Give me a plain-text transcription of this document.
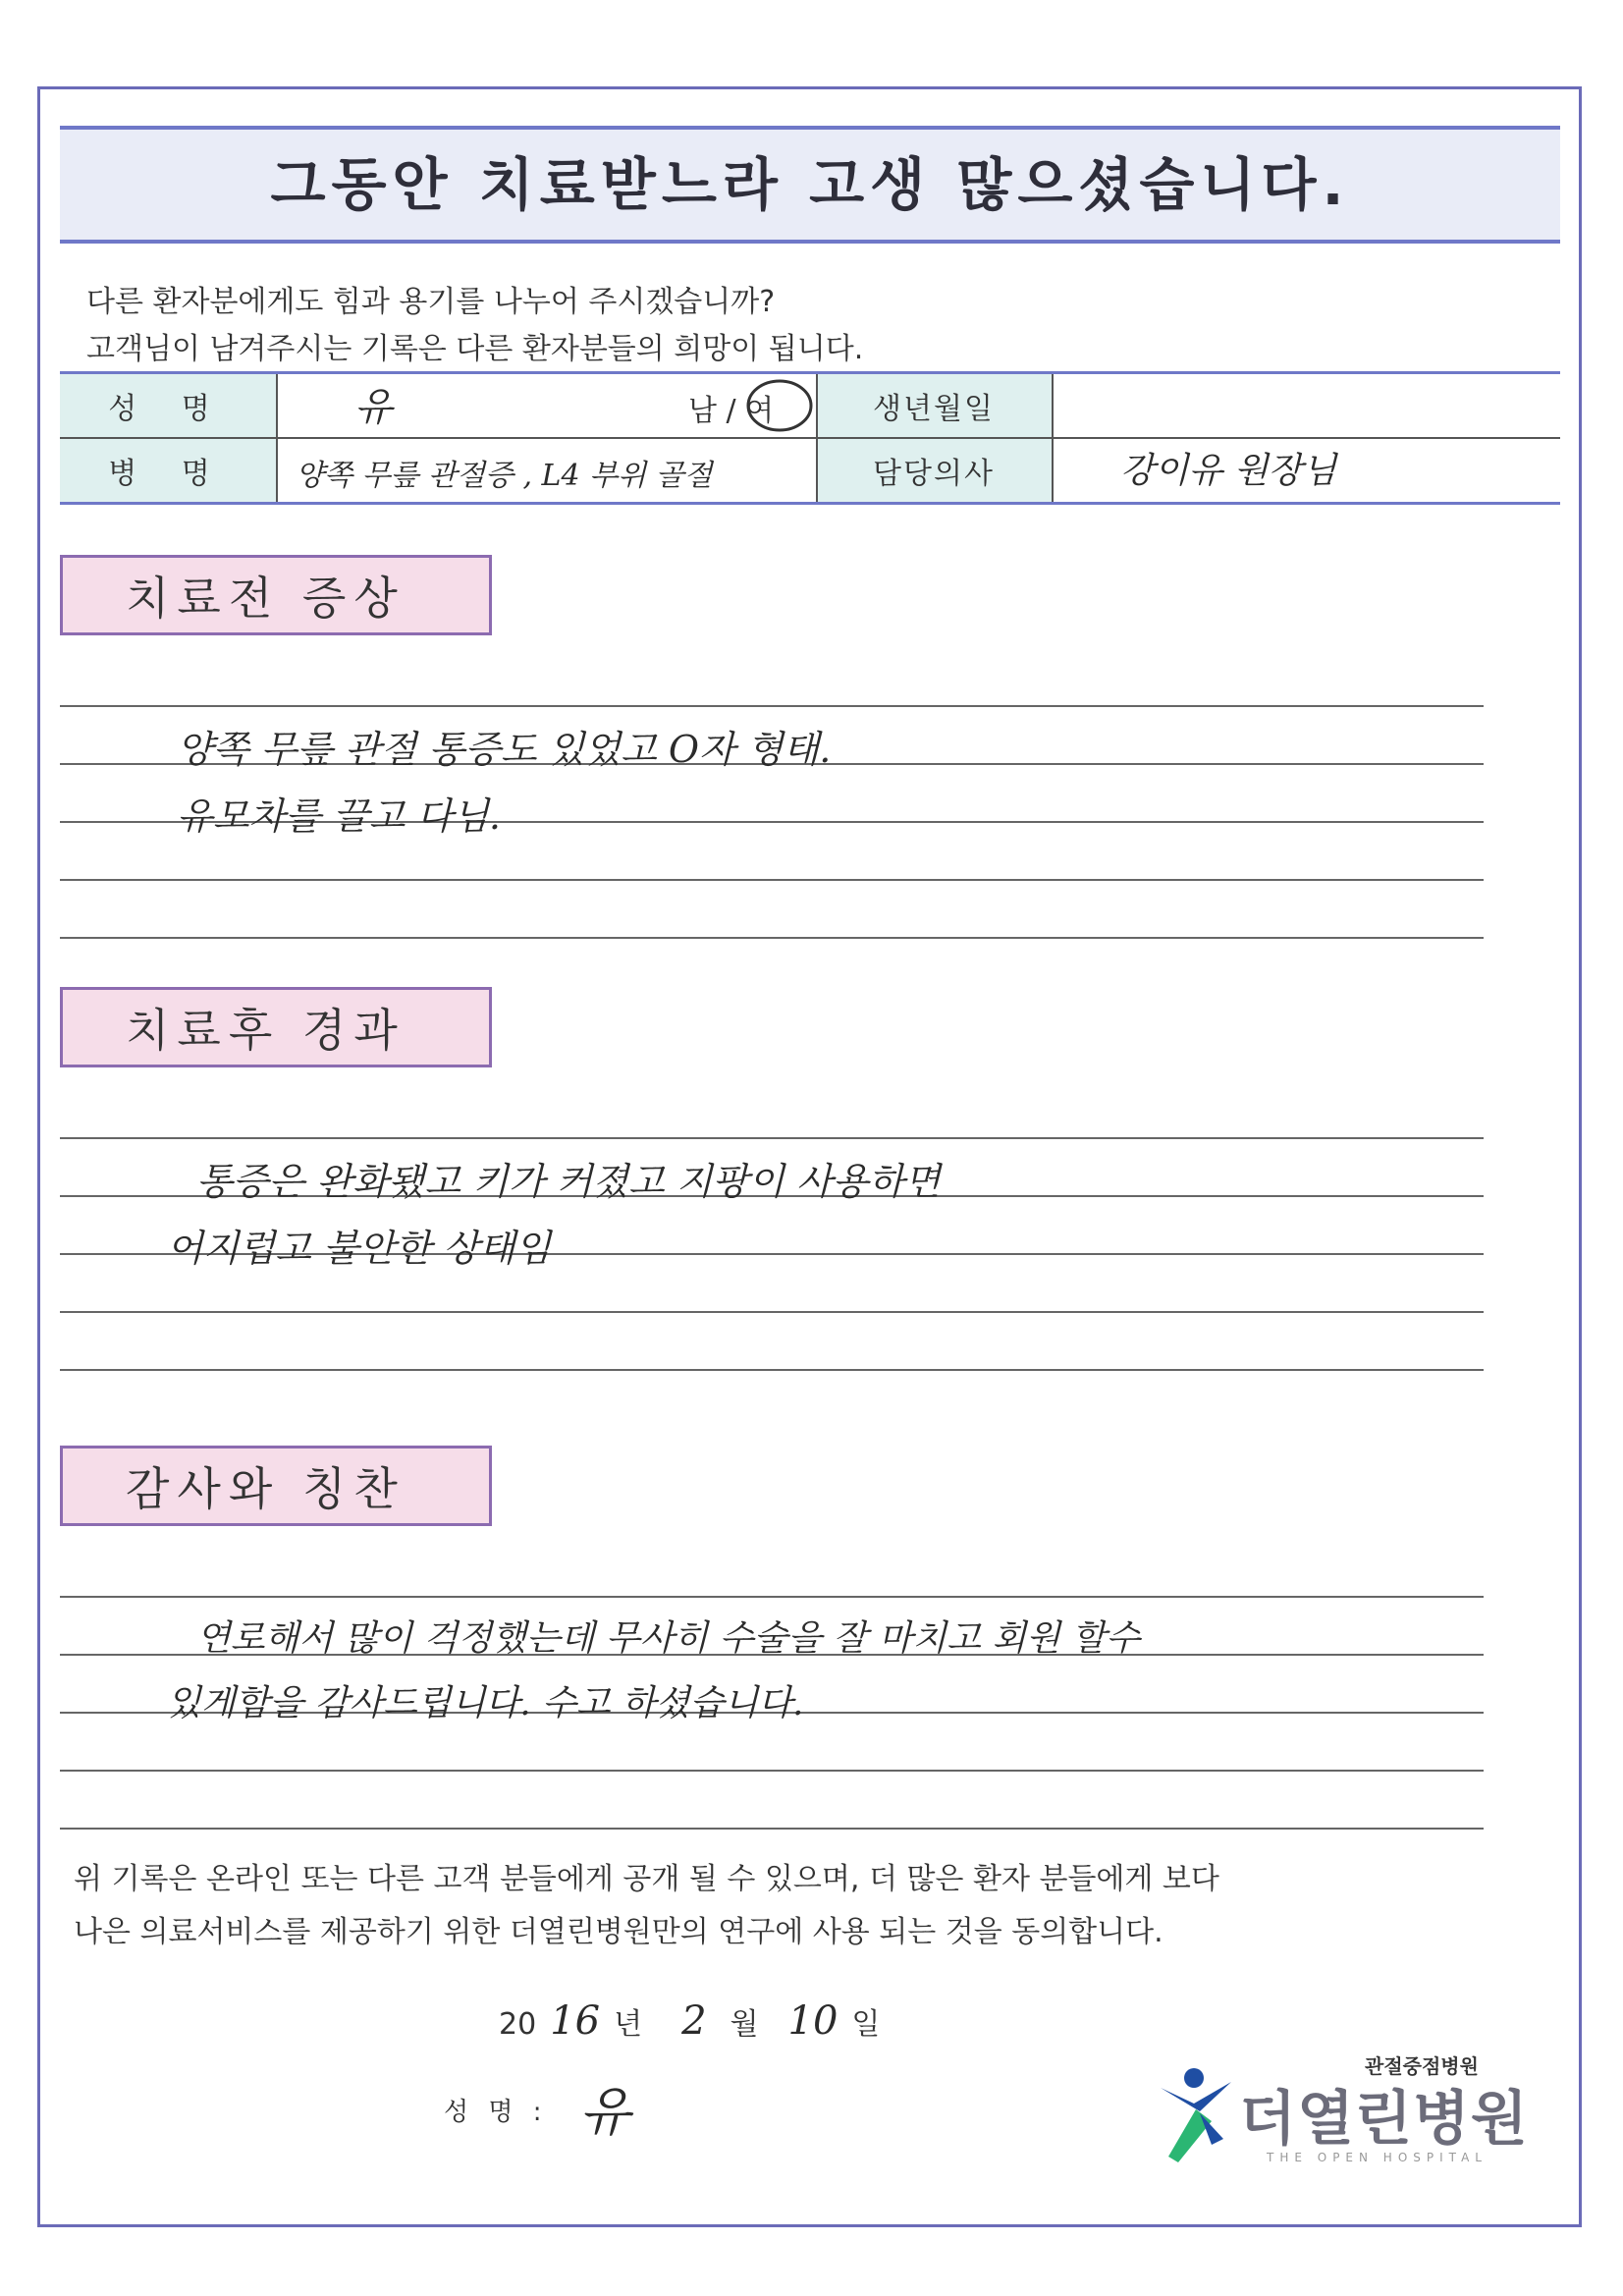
그동안 치료받느라 고생 많으셨습니다.
다른 환자분에게도 힘과 용기를 나누어 주시겠습니까?
고객님이 남겨주시는 기록은 다른 환자분들의 희망이 됩니다.
성 명
병 명
생년월일
담당의사
유	남 / 여
양쪽 무릎 관절증 , L4 부위 골절	강이유 원장님
치료전 증상
양쪽 무릎 관절 통증도 있었고 O자 형태.
유모차를 끌고 다님.
치료후 경과
통증은 완화됐고 키가 커졌고 지팡이 사용하면
어지럽고 불안한 상태임
감사와 칭찬
연로해서 많이 걱정했는데 무사히 수술을 잘 마치고 회원 할수
있게함을 감사드립니다. 수고 하셨습니다.
위 기록은 온라인 또는 다른 고객 분들에게 공개 될 수 있으며, 더 많은 환자 분들에게 보다
나은 의료서비스를 제공하기 위한 더열린병원만의 연구에 사용 되는 것을 동의합니다.
20 16 년 2 월 10 일
성 명 : 유
관절중점병원
더열린병원
THE OPEN HOSPITAL
